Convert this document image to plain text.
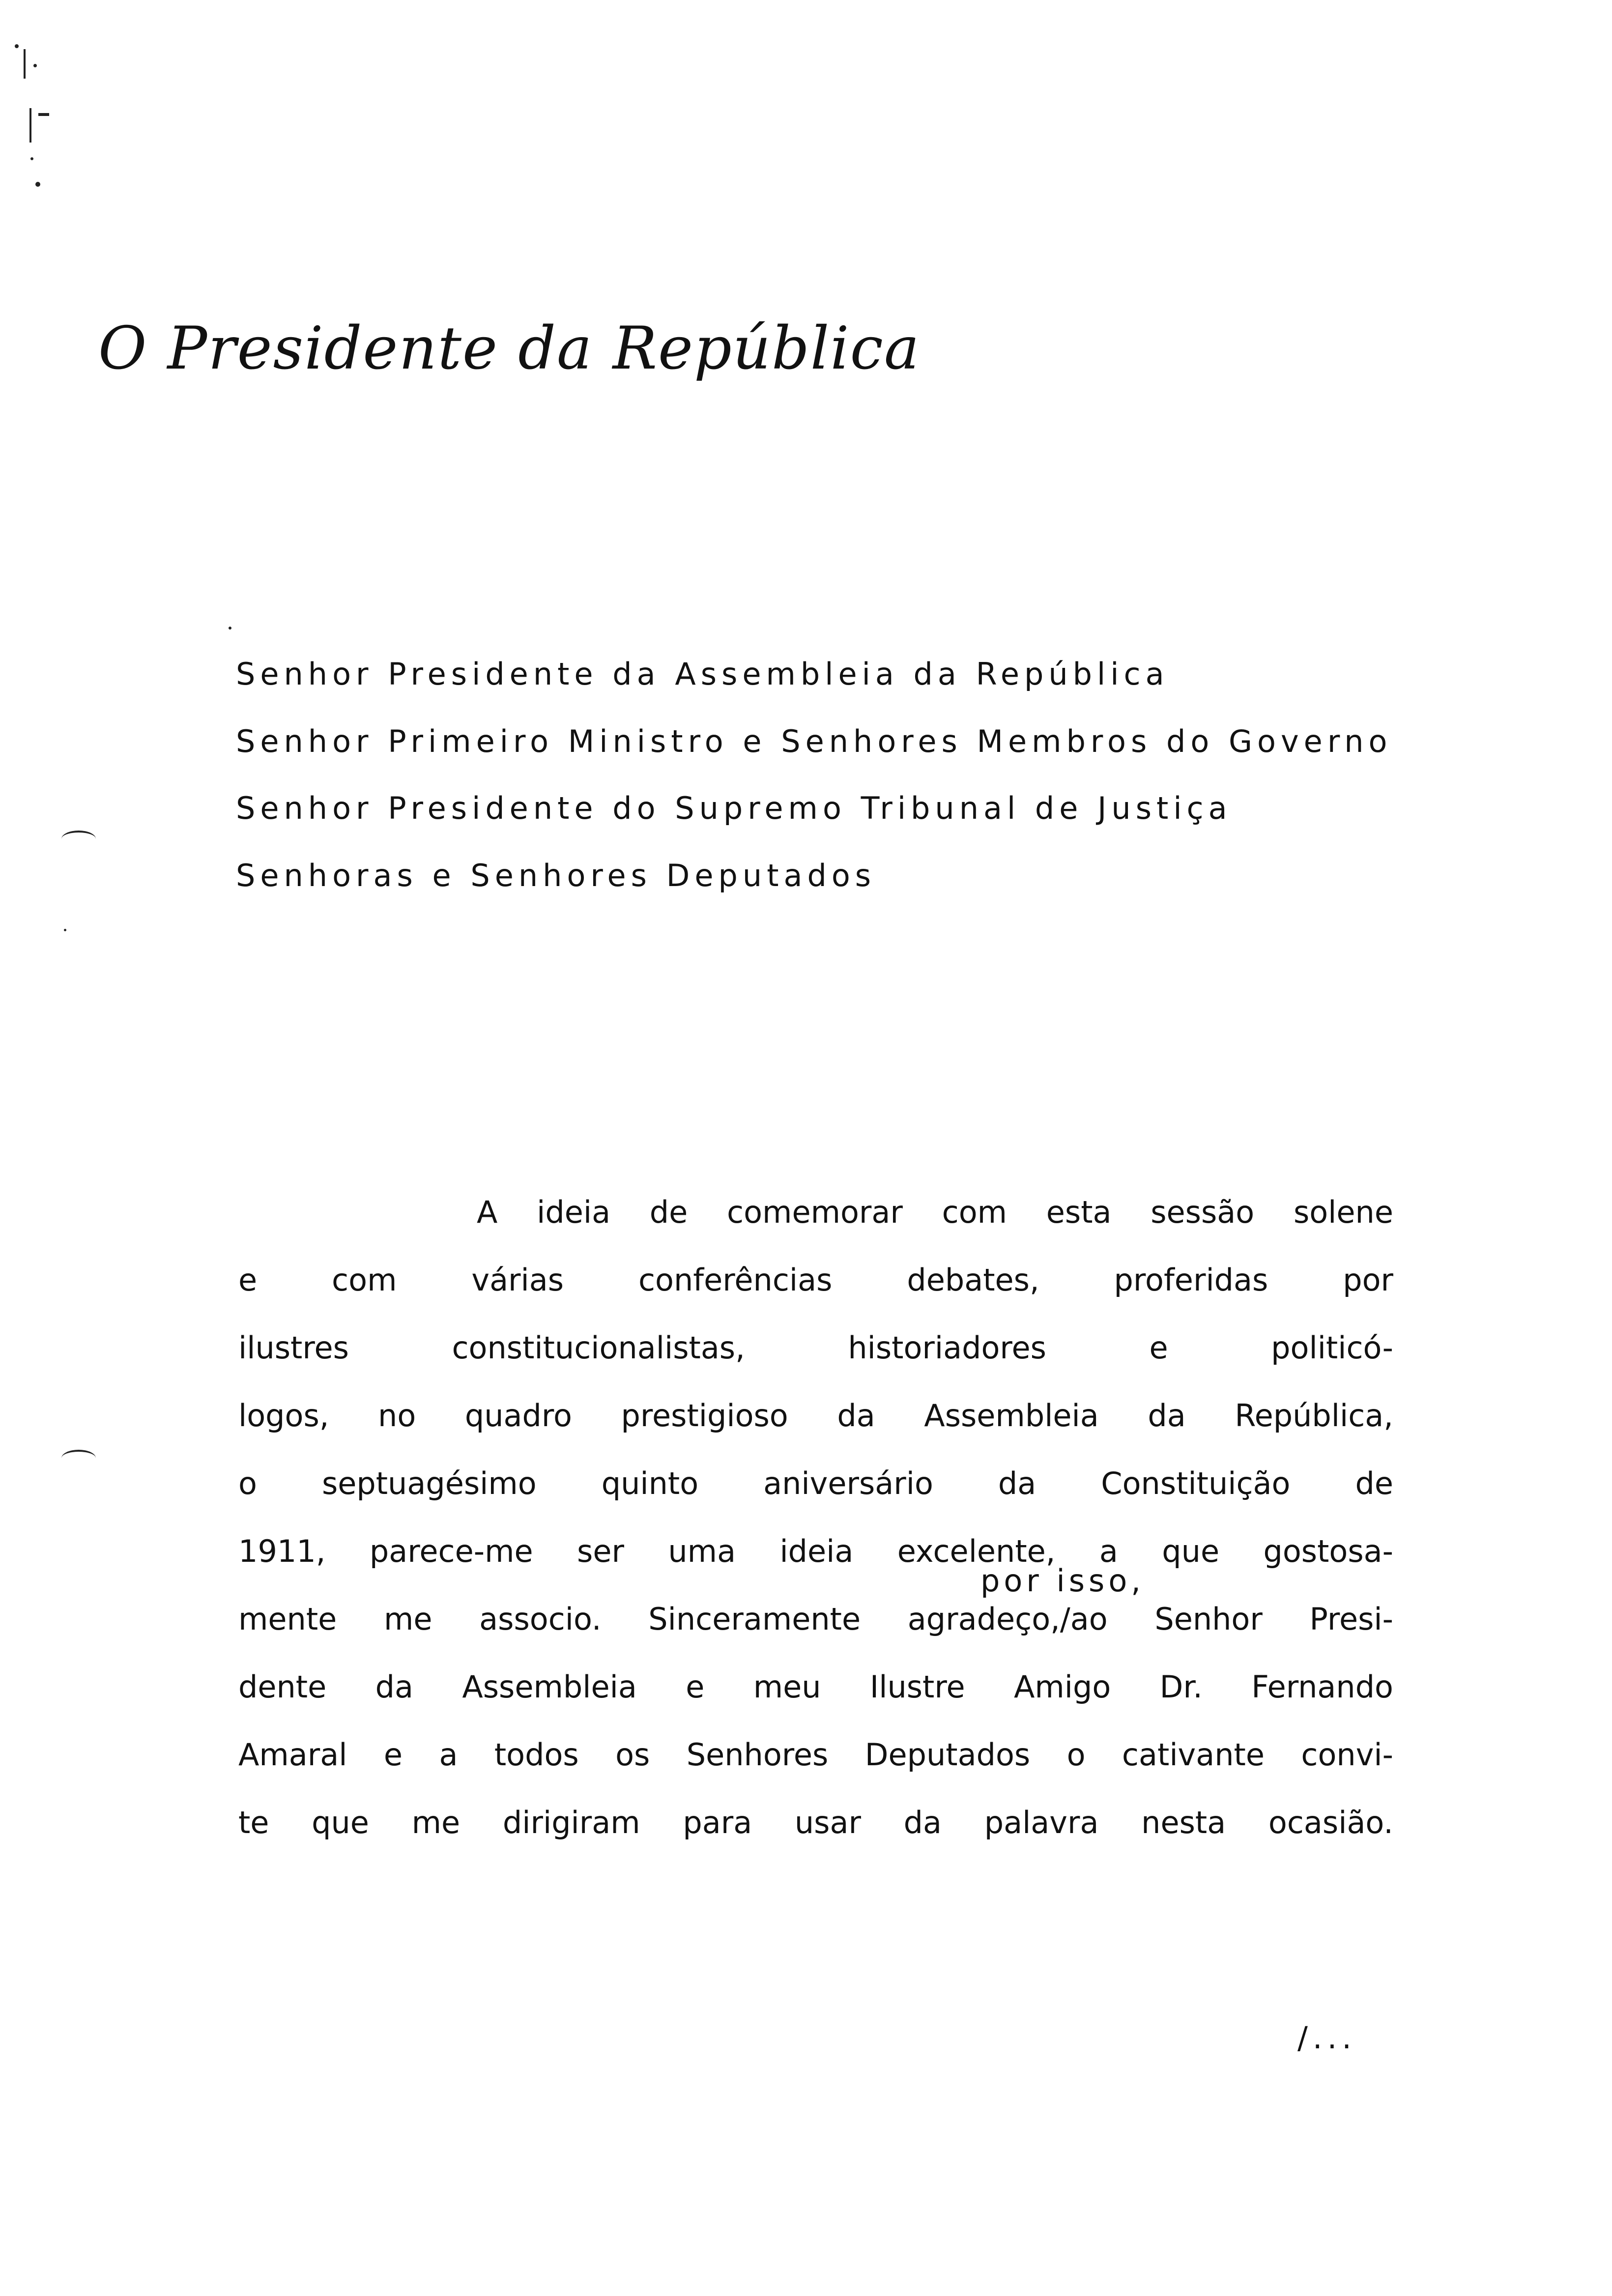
O Presidente da República
Senhor Presidente da Assembleia da República
Senhor Primeiro Ministro e Senhores Membros do Governo
Senhor Presidente do Supremo Tribunal de Justiça
Senhoras e Senhores Deputados
A ideia de comemorar com esta sessão solene
e com várias conferências debates, proferidas por
ilustres constitucionalistas, historiadores e politicó-
logos, no quadro prestigioso da Assembleia da República,
o septuagésimo quinto aniversário da Constituição de
1911, parece-me ser uma ideia excelente, a que gostosa-
mente me associo. Sinceramente agradeço,/ao Senhor Presi-
dente da Assembleia e meu Ilustre Amigo Dr. Fernando
Amaral e a todos os Senhores Deputados o cativante convi-
te que me dirigiram para usar da palavra nesta ocasião.
por isso,
/...
